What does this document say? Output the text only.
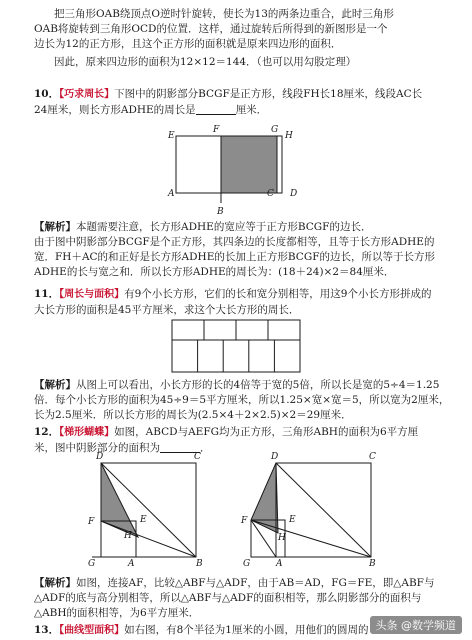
把三角形OAB绕顶点O逆时针旋转，使长为13的两条边重合，此时三角形
OAB将旋转到三角形OCD的位置．这样，通过旋转后所得到的新图形是一个
边长为12的正方形，且这个正方形的面积就是原来四边形的面积．
因此，原来四边形的面积为12×12＝144．（也可以用勾股定理）
10．【巧求周长】下图中的阴影部分BCGF是正方形，线段FH长18厘米，线段AC长
24厘米，则长方形ADHE的周长是	厘米．
E
F	G
H
A
B
C D
【解析】本题需要注意，长方形ADHE的宽应等于正方形BCGF的边长．
由于图中阴影部分BCGF是个正方形，其四条边的长度都相等，且等于长方形ADHE的
宽．FH＋AC的和正好是长方形ADHE的长加上正方形BCGF的边长，所以等于长方形
ADHE的长与宽之和．所以长方形ADHE的周长为：(18＋24)×2＝84厘米．
11．【周长与面积】有9个小长方形，它们的长和宽分别相等，用这9个小长方形拼成的
大长方形的面积是45平方厘米，求这个大长方形的周长．
【解析】从图上可以看出，小长方形的长的4倍等于宽的5倍，所以长是宽的5÷4＝1.25
倍．每个小长方形的面积为45÷9＝5平方厘米，所以1.25×宽×宽＝5，所以宽为2厘米，
长为2.5厘米．所以长方形的周长为(2.5×4＋2×2.5)×2＝29厘米．
12．【梯形蝴蝶】如图，ABCD与AEFG均为正方形，三角形ABH的面积为6平方厘
米，图中阴影部分的面积为	．
D	C
F	E
H
G	A	B
D	C
F	E
H
G	A	B
【解析】如图，连接AF，比较△ABF与△ADF，由于AB＝AD，FG＝FE，即△ABF与
△ADF的底与高分别相等，所以△ABF与△ADF的面积相等，那么阴影部分的面积与
△ABH的面积相等，为6平方厘米．
13．【曲线型面积】如右图，有8个半径为1厘米的小圆，用他们的圆周的 头条 @数学频道
